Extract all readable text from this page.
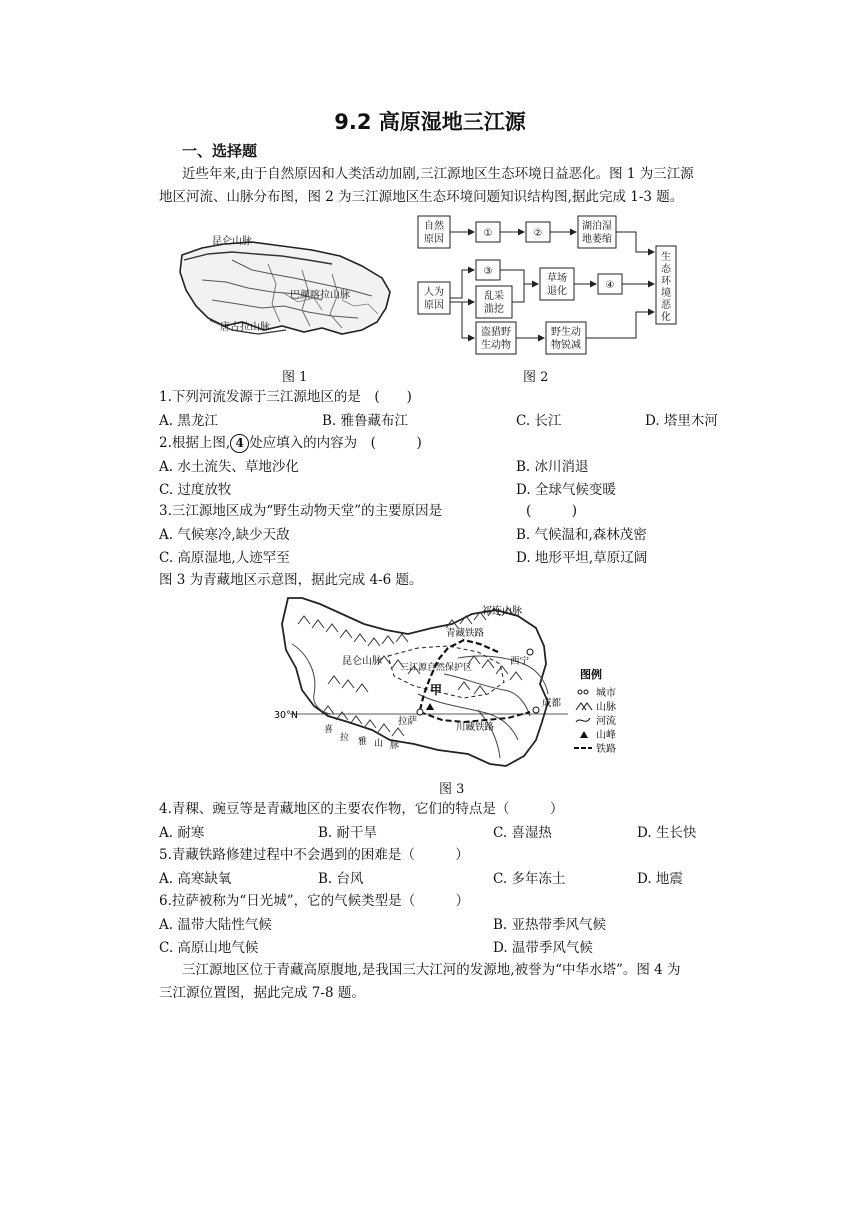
9.2 高原湿地三江源
一、选择题
近些年来,由于自然原因和人类活动加剧,三江源地区生态环境日益恶化。图 1 为三江源
地区河流、山脉分布图，图 2 为三江源地区生态环境问题知识结构图,据此完成 1-3 题。
昆仑山脉
巴颜喀拉山脉
唐古拉山脉
图 1
自然
原因
①	②
湖泊湿
地萎缩
人为
原因
③
乱采
滥挖
草场
退化
④
盗猎野
生动物
野生动
物锐减
生
态
环
境
恶
化
图 2
1.下列河流发源于三江源地区的是　(　　)
A. 黑龙江	B. 雅鲁藏布江	C. 长江	D. 塔里木河
2.根据上图, 4 处应填入的内容为　(　　　)
A. 水土流失、草地沙化	B. 冰川消退
C. 过度放牧	D. 全球气候变暖
3.三江源地区成为“野生动物天堂”的主要原因是	(　　　)
A. 气候寒冷,缺少天敌	B. 气候温和,森林茂密
C. 高原湿地,人迹罕至	D. 地形平坦,草原辽阔
图 3 为青藏地区示意图，据此完成 4-6 题。
祁连山脉
青藏铁路
昆仑山脉
三江源自然保护区
甲
西宁
成都
拉萨
川藏铁路
30°N
喜
拉 雅 山 脉
图例
城市
山脉
河流
山峰
铁路
图 3
4.青稞、豌豆等是青藏地区的主要农作物，它们的特点是（　　　）
A. 耐寒	B. 耐干旱	C. 喜湿热	D. 生长快
5.青藏铁路修建过程中不会遇到的困难是（　　　）
A. 高寒缺氧	B. 台风	C. 多年冻土	D. 地震
6.拉萨被称为“日光城”，它的气候类型是（　　　）
A. 温带大陆性气候	B. 亚热带季风气候
C. 高原山地气候	D. 温带季风气候
三江源地区位于青藏高原腹地,是我国三大江河的发源地,被誉为“中华水塔”。图 4 为
三江源位置图，据此完成 7-8 题。
